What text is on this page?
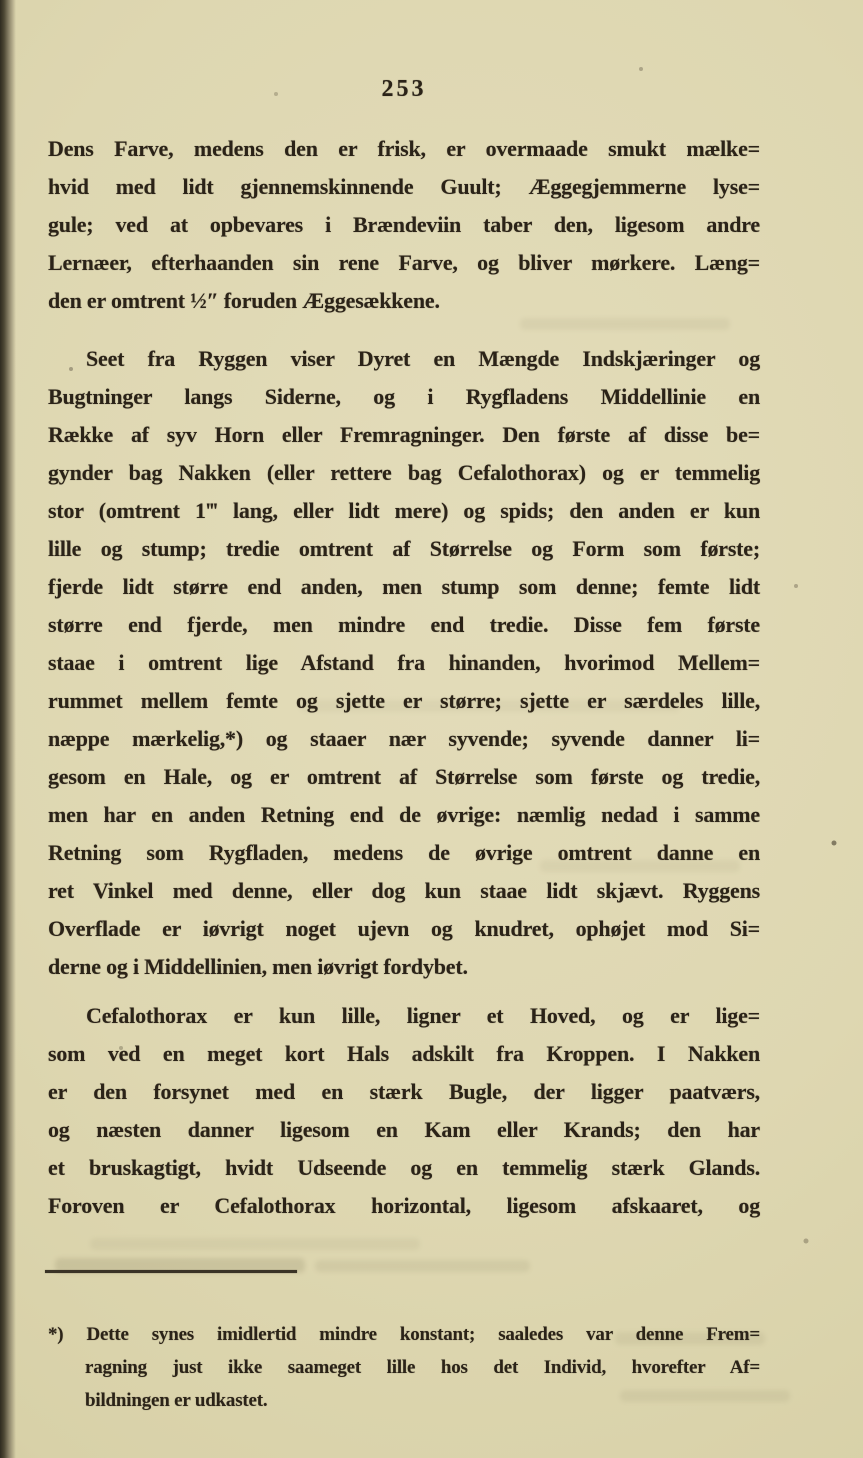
253
Dens Farve, medens den er frisk, er overmaade smukt mælke=
hvid med lidt gjennemskinnende Guult; Æggegjemmerne lyse=
gule; ved at opbevares i Brændeviin taber den, ligesom andre
Lernæer, efterhaanden sin rene Farve, og bliver mørkere. Læng=
den er omtrent ½″ foruden Æggesækkene.
Seet fra Ryggen viser Dyret en Mængde Indskjæringer og
Bugtninger langs Siderne, og i Rygfladens Middellinie en
Række af syv Horn eller Fremragninger. Den første af disse be=
gynder bag Nakken (eller rettere bag Cefalothorax) og er temmelig
stor (omtrent 1‴ lang, eller lidt mere) og spids; den anden er kun
lille og stump; tredie omtrent af Størrelse og Form som første;
fjerde lidt større end anden, men stump som denne; femte lidt
større end fjerde, men mindre end tredie. Disse fem første
staae i omtrent lige Afstand fra hinanden, hvorimod Mellem=
rummet mellem femte og sjette er større; sjette er særdeles lille,
næppe mærkelig,*) og staaer nær syvende; syvende danner li=
gesom en Hale, og er omtrent af Størrelse som første og tredie,
men har en anden Retning end de øvrige: næmlig nedad i samme
Retning som Rygfladen, medens de øvrige omtrent danne en
ret Vinkel med denne, eller dog kun staae lidt skjævt. Ryggens
Overflade er iøvrigt noget ujevn og knudret, ophøjet mod Si=
derne og i Middellinien, men iøvrigt fordybet.
Cefalothorax er kun lille, ligner et Hoved, og er lige=
som ved en meget kort Hals adskilt fra Kroppen. I Nakken
er den forsynet med en stærk Bugle, der ligger paatværs,
og næsten danner ligesom en Kam eller Krands; den har
et bruskagtigt, hvidt Udseende og en temmelig stærk Glands.
Foroven er Cefalothorax horizontal, ligesom afskaaret, og
*) Dette synes imidlertid mindre konstant; saaledes var denne Frem=
ragning just ikke saameget lille hos det Individ, hvorefter Af=
bildningen er udkastet.
